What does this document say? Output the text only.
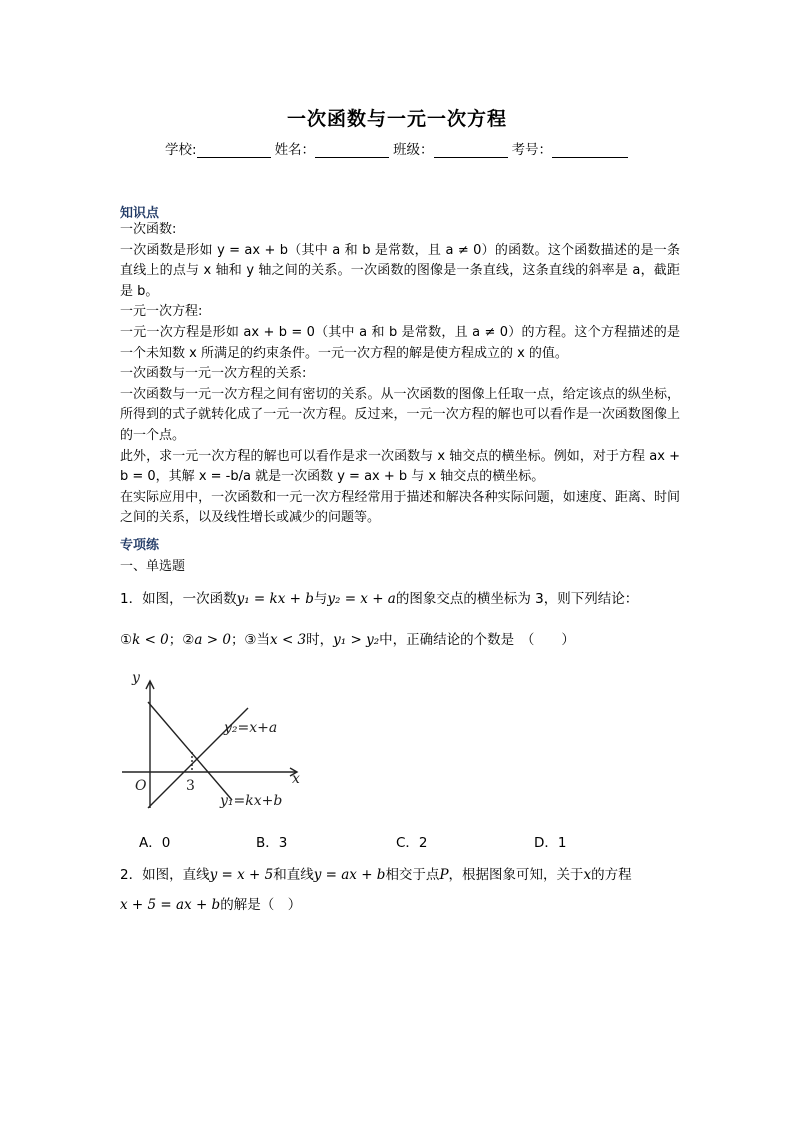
一次函数与一元一次方程
学校:	姓名：	班级：	考号：
知识点

一次函数:

一次函数是形如 y = ax + b（其中 a 和 b 是常数，且 a ≠ 0）的函数。这个函数描述的是一条直线上的点与 x 轴和 y 轴之间的关系。一次函数的图像是一条直线，这条直线的斜率是 a，截距是 b。

一元一次方程:

一元一次方程是形如 ax + b = 0（其中 a 和 b 是常数，且 a ≠ 0）的方程。这个方程描述的是一个未知数 x 所满足的约束条件。一元一次方程的解是使方程成立的 x 的值。

一次函数与一元一次方程的关系:

一次函数与一元一次方程之间有密切的关系。从一次函数的图像上任取一点，给定该点的纵坐标，所得到的式子就转化成了一元一次方程。反过来，一元一次方程的解也可以看作是一次函数图像上的一个点。

此外，求一元一次方程的解也可以看作是求一次函数与 x 轴交点的横坐标。例如，对于方程 ax + b = 0，其解 x = -b/a 就是一次函数 y = ax + b 与 x 轴交点的横坐标。

在实际应用中，一次函数和一元一次方程经常用于描述和解决各种实际问题，如速度、距离、时间之间的关系，以及线性增长或减少的问题等。

专项练
一、单选题
1．如图，一次函数y₁ = kx + b与y₂ = x + a的图象交点的横坐标为 3，则下列结论：
①k < 0；②a > 0；③当x < 3时，y₁ > y₂中，正确结论的个数是　（　　）
y
x
O
y₂=x+a
y₁=kx+b
3
A．0	B．3	C．2	D．1
2．如图，直线y = x + 5和直线y = ax + b相交于点P，根据图象可知，关于x的方程
x + 5 = ax + b的解是（　）
